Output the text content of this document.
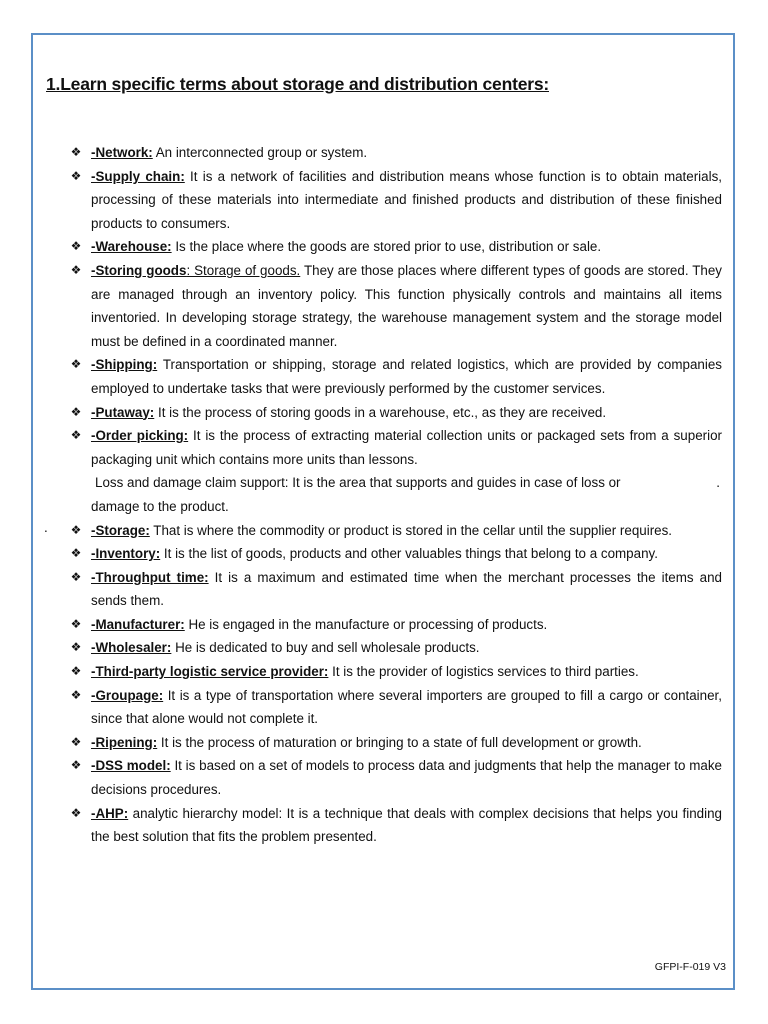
1.Learn specific terms about storage and distribution centers:
❖ -Network: An interconnected group or system.
❖ -Supply chain: It is a network of facilities and distribution means whose function is to obtain materials, processing of these materials into intermediate and finished products and distribution of these finished products to consumers.
❖ -Warehouse: Is the place where the goods are stored prior to use, distribution or sale.
❖ -Storing goods: Storage of goods. They are those places where different types of goods are stored. They are managed through an inventory policy. This function physically controls and maintains all items inventoried. In developing storage strategy, the warehouse management system and the storage model must be defined in a coordinated manner.
❖ -Shipping: Transportation or shipping, storage and related logistics, which are provided by companies employed to undertake tasks that were previously performed by the customer services.
❖ -Putaway: It is the process of storing goods in a warehouse, etc., as they are received.
❖ -Order picking: It is the process of extracting material collection units or packaged sets from a superior packaging unit which contains more units than lessons.
Loss and damage claim support: It is the area that supports and guides in case of loss or	.
damage to the product.
❖ -Storage: That is where the commodity or product is stored in the cellar until the supplier requires.
❖ -Inventory: It is the list of goods, products and other valuables things that belong to a company.
❖ -Throughput time: It is a maximum and estimated time when the merchant processes the items and sends them.
❖ -Manufacturer: He is engaged in the manufacture or processing of products.
❖ -Wholesaler: He is dedicated to buy and sell wholesale products.
❖ -Third-party logistic service provider: It is the provider of logistics services to third parties.
❖ -Groupage: It is a type of transportation where several importers are grouped to fill a cargo or container, since that alone would not complete it.
❖ -Ripening: It is the process of maturation or bringing to a state of full development or growth.
❖ -DSS model: It is based on a set of models to process data and judgments that help the manager to make decisions procedures.
❖ -AHP: analytic hierarchy model: It is a technique that deals with complex decisions that helps you finding the best solution that fits the problem presented.
.
GFPI-F-019 V3
